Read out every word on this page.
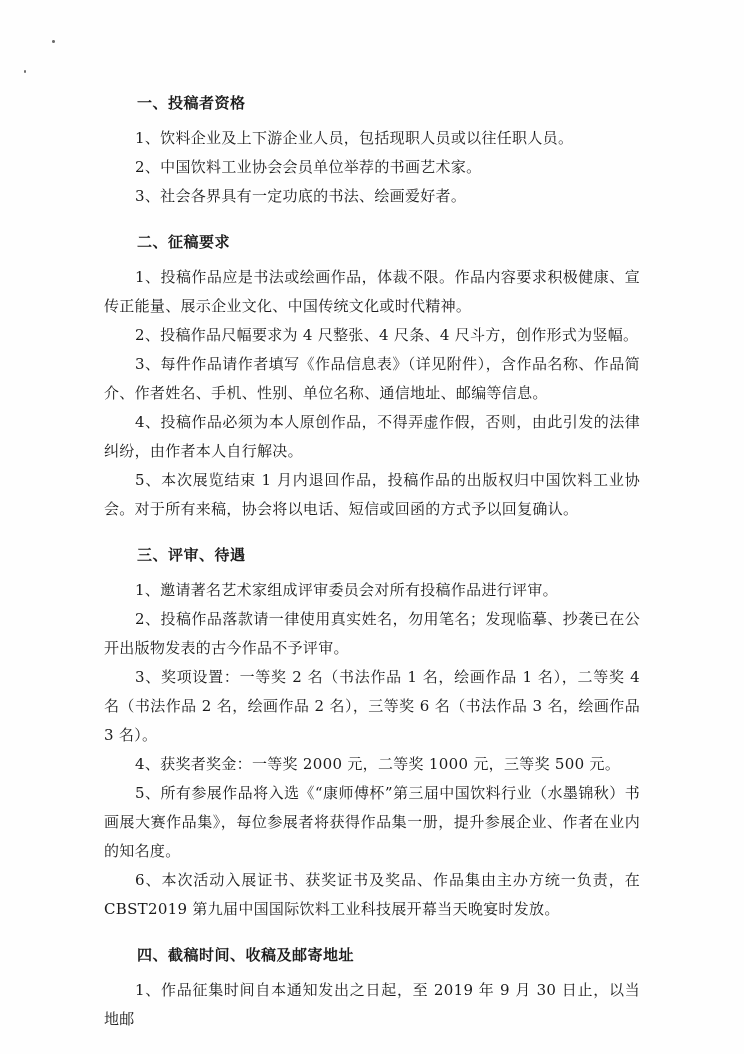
一、投稿者资格

1、饮料企业及上下游企业人员，包括现职人员或以往任职人员。

2、中国饮料工业协会会员单位举荐的书画艺术家。

3、社会各界具有一定功底的书法、绘画爱好者。

二、征稿要求

1、投稿作品应是书法或绘画作品，体裁不限。作品内容要求积极健康、宣传正能量、展示企业文化、中国传统文化或时代精神。

2、投稿作品尺幅要求为 4 尺整张、4 尺条、4 尺斗方，创作形式为竖幅。

3、每件作品请作者填写《作品信息表》（详见附件），含作品名称、作品简介、作者姓名、手机、性别、单位名称、通信地址、邮编等信息。

4、投稿作品必须为本人原创作品，不得弄虚作假，否则，由此引发的法律纠纷，由作者本人自行解决。

5、本次展览结束 1 月内退回作品，投稿作品的出版权归中国饮料工业协会。对于所有来稿，协会将以电话、短信或回函的方式予以回复确认。

三、评审、待遇

1、邀请著名艺术家组成评审委员会对所有投稿作品进行评审。

2、投稿作品落款请一律使用真实姓名，勿用笔名；发现临摹、抄袭已在公开出版物发表的古今作品不予评审。

3、奖项设置：一等奖 2 名（书法作品 1 名，绘画作品 1 名），二等奖 4 名（书法作品 2 名，绘画作品 2 名），三等奖 6 名（书法作品 3 名，绘画作品 3 名）。

4、获奖者奖金：一等奖 2000 元，二等奖 1000 元，三等奖 500 元。

5、所有参展作品将入选《“康师傅杯”第三届中国饮料行业（水墨锦秋）书画展大赛作品集》，每位参展者将获得作品集一册，提升参展企业、作者在业内的知名度。

6、本次活动入展证书、获奖证书及奖品、作品集由主办方统一负责，在 CBST2019 第九届中国国际饮料工业科技展开幕当天晚宴时发放。

四、截稿时间、收稿及邮寄地址

1、作品征集时间自本通知发出之日起，至 2019 年 9 月 30 日止，以当地邮
